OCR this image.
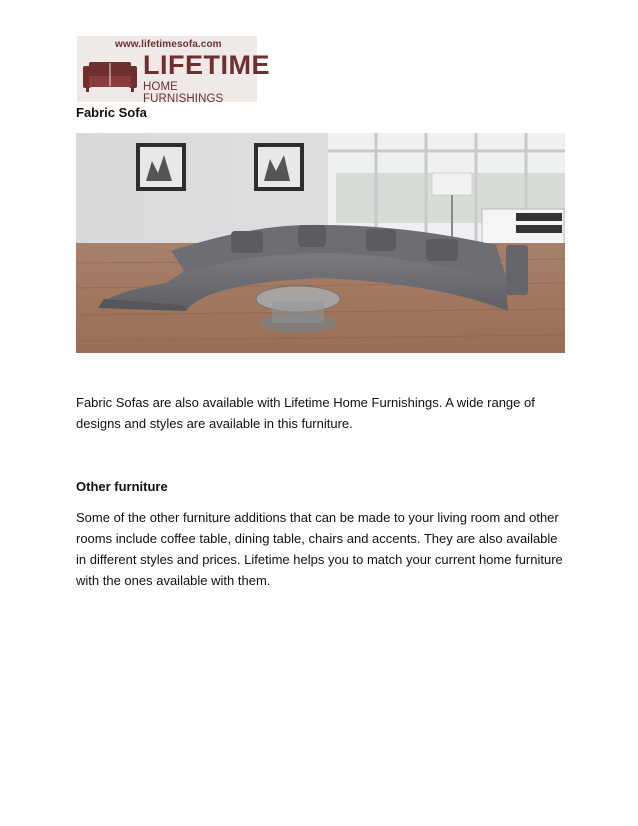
www.lifetimesofa.com
LIFETIME
HOME FURNISHINGS
Fabric Sofa

Fabric Sofas are also available with Lifetime Home Furnishings. A wide range of designs and styles are available in this furniture.

Other furniture

Some of the other furniture additions that can be made to your living room and other rooms include coffee table, dining table, chairs and accents. They are also available in different styles and prices. Lifetime helps you to match your current home furniture with the ones available with them.
